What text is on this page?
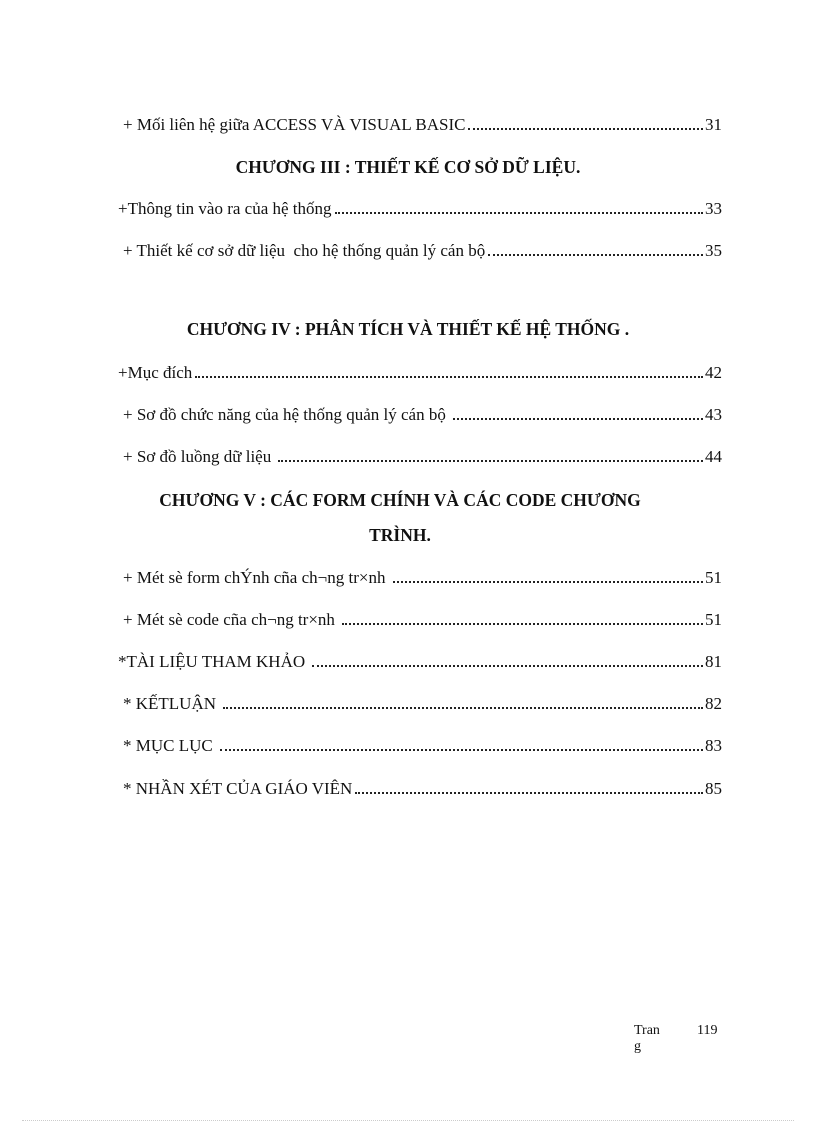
+ Mối liên hệ giữa ACCESS VÀ VISUAL BASIC	31
CHƯƠNG III : THIẾT KẾ CƠ SỞ DỮ LIỆU.
+Thông tin vào ra của hệ thống	33
+ Thiết kế cơ sở dữ liệu  cho hệ thống quản lý cán bộ	35
CHƯƠNG IV : PHÂN TÍCH VÀ THIẾT KẾ HỆ THỐNG .
+Mục đích	42
+ Sơ đồ chức năng của hệ thống quản lý cán bộ	43
+ Sơ đồ luồng dữ liệu	44
CHƯƠNG V : CÁC FORM CHÍNH VÀ CÁC CODE CHƯƠNG
TRÌNH.
+ Mét sè form chÝnh cña ch¬ng tr×nh	51
+ Mét sè code cña ch¬ng tr×nh	51
*TÀI LIỆU THAM KHẢO	81
* KẾTLUẬN	82
* MỤC LỤC	83
* NHẦN XÉT CỦA GIÁO VIÊN	85
Trang
119
